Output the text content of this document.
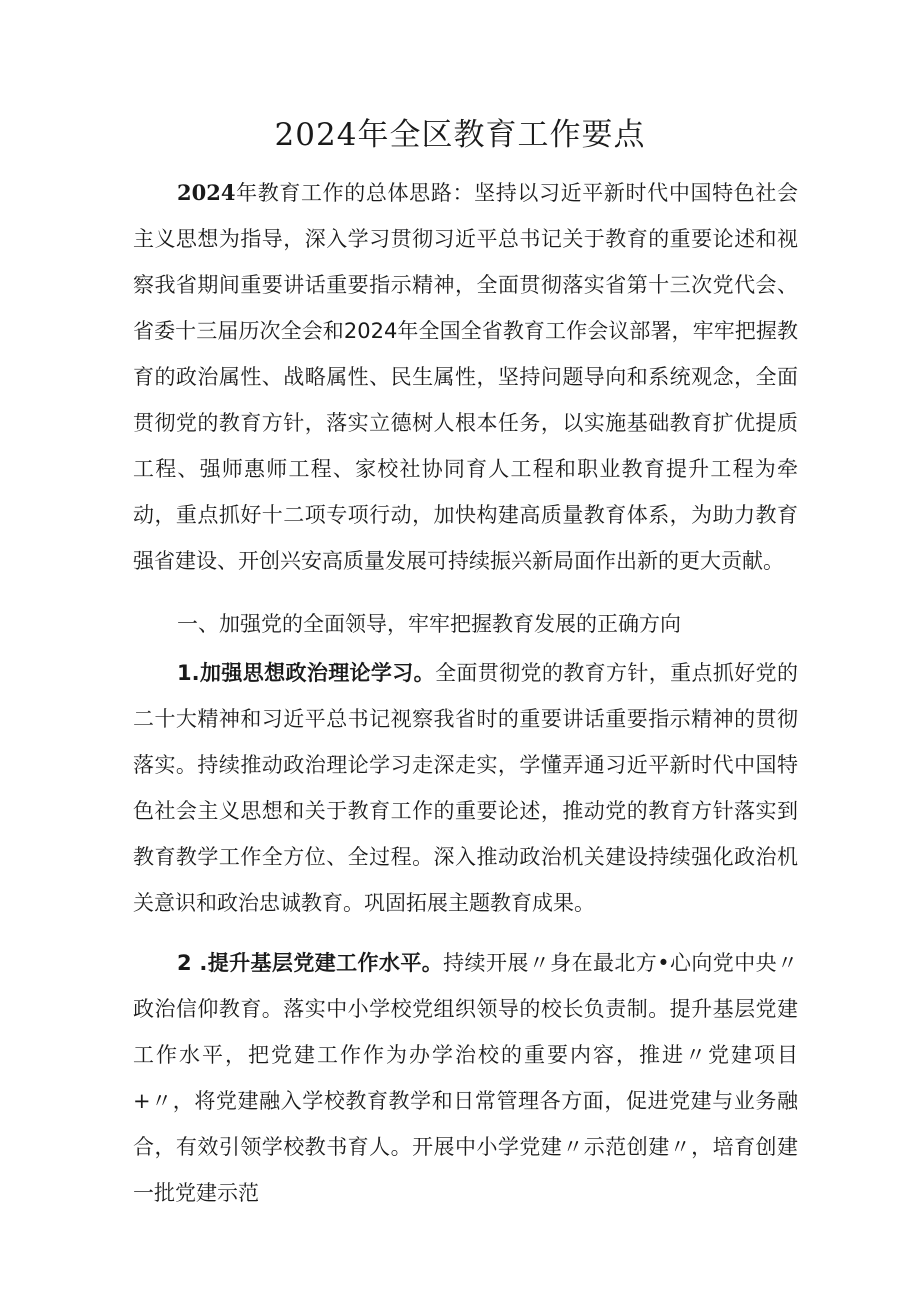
2024年全区教育工作要点

2024年教育工作的总体思路：坚持以习近平新时代中国特色社会主义思想为指导，深入学习贯彻习近平总书记关于教育的重要论述和视察我省期间重要讲话重要指示精神，全面贯彻落实省第十三次党代会、省委十三届历次全会和2024年全国全省教育工作会议部署，牢牢把握教育的政治属性、战略属性、民生属性，坚持问题导向和系统观念，全面贯彻党的教育方针，落实立德树人根本任务，以实施基础教育扩优提质工程、强师惠师工程、家校社协同育人工程和职业教育提升工程为牵动，重点抓好十二项专项行动，加快构建高质量教育体系，为助力教育强省建设、开创兴安高质量发展可持续振兴新局面作出新的更大贡献。

一、加强党的全面领导，牢牢把握教育发展的正确方向

1.加强思想政治理论学习。全面贯彻党的教育方针，重点抓好党的二十大精神和习近平总书记视察我省时的重要讲话重要指示精神的贯彻落实。持续推动政治理论学习走深走实，学懂弄通习近平新时代中国特色社会主义思想和关于教育工作的重要论述，推动党的教育方针落实到教育教学工作全方位、全过程。深入推动政治机关建设持续强化政治机关意识和政治忠诚教育。巩固拓展主题教育成果。

2 .提升基层党建工作水平。持续开展〃身在最北方•心向党中央〃政治信仰教育。落实中小学校党组织领导的校长负责制。提升基层党建工作水平，把党建工作作为办学治校的重要内容，推进〃党建项目+〃，将党建融入学校教育教学和日常管理各方面，促进党建与业务融合，有效引领学校教书育人。开展中小学党建〃示范创建〃，培育创建一批党建示范
